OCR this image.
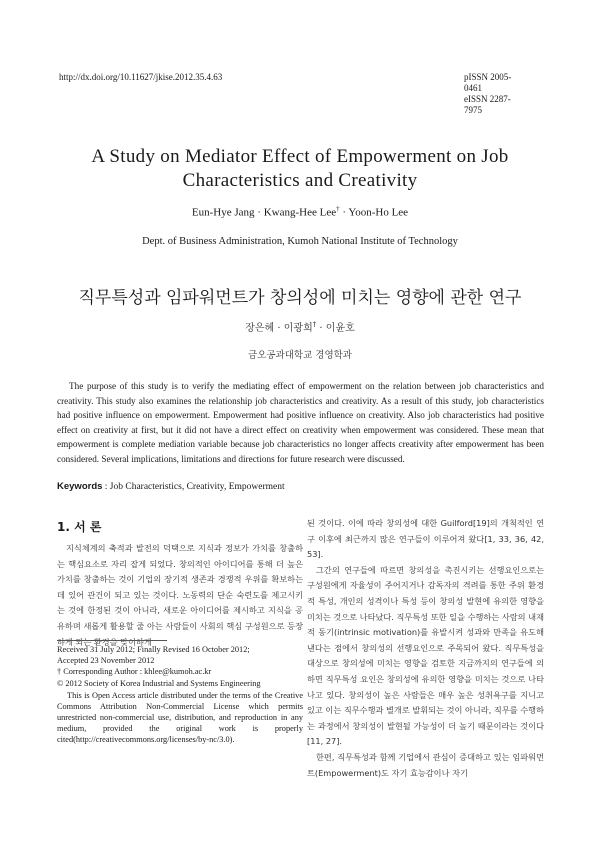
http://dx.doi.org/10.11627/jkise.2012.35.4.63	pISSN 2005-0461
eISSN 2287-7975
A Study on Mediator Effect of Empowerment on Job
Characteristics and Creativity
Eun-Hye Jang · Kwang-Hee Lee† · Yoon-Ho Lee
Dept. of Business Administration, Kumoh National Institute of Technology
직무특성과 임파워먼트가 창의성에 미치는 영향에 관한 연구
장은혜 · 이광희† · 이윤호
금오공과대학교 경영학과

The purpose of this study is to verify the mediating effect of empowerment on the relation between job characteristics and creativity. This study also examines the relationship job characteristics and creativity. As a result of this study, job characteristics had positive influence on empowerment. Empowerment had positive influence on creativity. Also job characteristics had positive effect on creativity at first, but it did not have a direct effect on creativity when empowerment was considered. These mean that empowerment is complete mediation variable because job characteristics no longer affects creativity after empowerment has been considered. Several implications, limitations and directions for future research were discussed.

Keywords : Job Characteristics, Creativity, Empowerment
1. 서 론

지식체계의 축적과 발전의 덕택으로 지식과 정보가 가치를 창출하는 핵심요소로 자리 잡게 되었다. 창의적인 아이디어를 통해 더 높은 가치를 창출하는 것이 기업의 장기적 생존과 경쟁적 우위를 확보하는 데 있어 관건이 되고 있는 것이다. 노동력의 단순 숙련도를 제고시키는 것에 한정된 것이 아니라, 새로운 아이디어를 제시하고 지식을 공유하며 새롭게 활용할 줄 아는 사람들이 사회의 핵심 구성원으로 등장하게 되는 환경을 맞이하게

Received 31 July 2012; Finally Revised 16 October 2012;
Accepted 23 November 2012
† Corresponding Author : khlee@kumoh.ac.kr
© 2012 Society of Korea Industrial and Systems Engineering
This is Open Access article distributed under the terms of the Creative Commons Attribution Non-Commercial License which permits unrestricted non-commercial use, distribution, and reproduction in any medium, provided the original work is properly cited(http://creativecommons.org/licenses/by-nc/3.0).

된 것이다. 이에 따라 창의성에 대한 Guilford[19]의 개척적인 연구 이후에 최근까지 많은 연구들이 이루어져 왔다[1, 33, 36, 42, 53].

그간의 연구들에 따르면 창의성을 촉진시키는 선행요인으로는 구성원에게 자율성이 주어지거나 감독자의 격려를 통한 주위 환경적 특성, 개인의 성격이나 특성 등이 창의성 발현에 유의한 영향을 미치는 것으로 나타났다. 직무특성 또한 일을 수행하는 사람의 내재적 동기(intrinsic motivation)를 유발시켜 성과와 만족을 유도해낸다는 점에서 창의성의 선행요인으로 주목되어 왔다. 직무특성을 대상으로 창의성에 미치는 영향을 검토한 지금까지의 연구들에 의하면 직무특성 요인은 창의성에 유의한 영향을 미치는 것으로 나타나고 있다. 창의성이 높은 사람들은 매우 높은 성취욕구를 지니고 있고 이는 직무수행과 별개로 발휘되는 것이 아니라, 직무를 수행하는 과정에서 창의성이 발현될 가능성이 더 높기 때문이라는 것이다[11, 27].

한편, 직무특성과 함께 기업에서 관심이 증대하고 있는 임파워먼트(Empowerment)도 자기 효능감이나 자기
